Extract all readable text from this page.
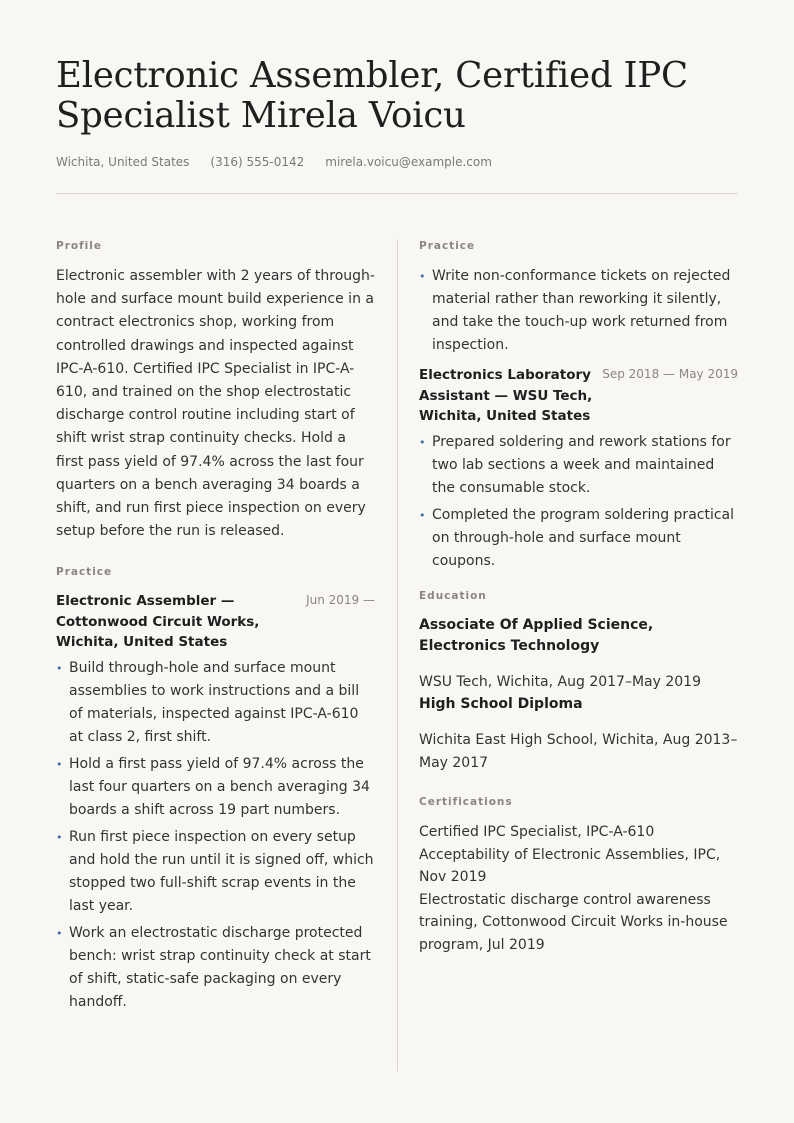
Electronic Assembler, Certified IPC Specialist Mirela Voicu
Wichita, United States (316) 555-0142 mirela.voicu@example.com
Profile

Electronic assembler with 2 years of through-hole and surface mount build experience in a contract electronics shop, working from controlled drawings and inspected against IPC-A-610. Certified IPC Specialist in IPC-A-610, and trained on the shop electrostatic discharge control routine including start of shift wrist strap continuity checks. Hold a first pass yield of 97.4% across the last four quarters on a bench averaging 34 boards a shift, and run first piece inspection on every setup before the run is released.

Practice
Electronic Assembler — Cottonwood Circuit Works, Wichita, United States
Jun 2019 —
• Build through-hole and surface mount assemblies to work instructions and a bill of materials, inspected against IPC-A-610 at class 2, first shift.
• Hold a first pass yield of 97.4% across the last four quarters on a bench averaging 34 boards a shift across 19 part numbers.
• Run first piece inspection on every setup and hold the run until it is signed off, which stopped two full-shift scrap events in the last year.
• Work an electrostatic discharge protected bench: wrist strap continuity check at start of shift, static-safe packaging on every handoff.
Practice
• Write non-conformance tickets on rejected material rather than reworking it silently, and take the touch-up work returned from inspection.
Electronics Laboratory Assistant — WSU Tech, Wichita, United States
Sep 2018 — May 2019
• Prepared soldering and rework stations for two lab sections a week and maintained the consumable stock.
• Completed the program soldering practical on through-hole and surface mount coupons.
Education
Associate Of Applied Science, Electronics Technology
WSU Tech, Wichita, Aug 2017–May 2019
High School Diploma
Wichita East High School, Wichita, Aug 2013–May 2017
Certifications
Certified IPC Specialist, IPC-A-610 Acceptability of Electronic Assemblies, IPC, Nov 2019
Electrostatic discharge control awareness training, Cottonwood Circuit Works in-house program, Jul 2019
